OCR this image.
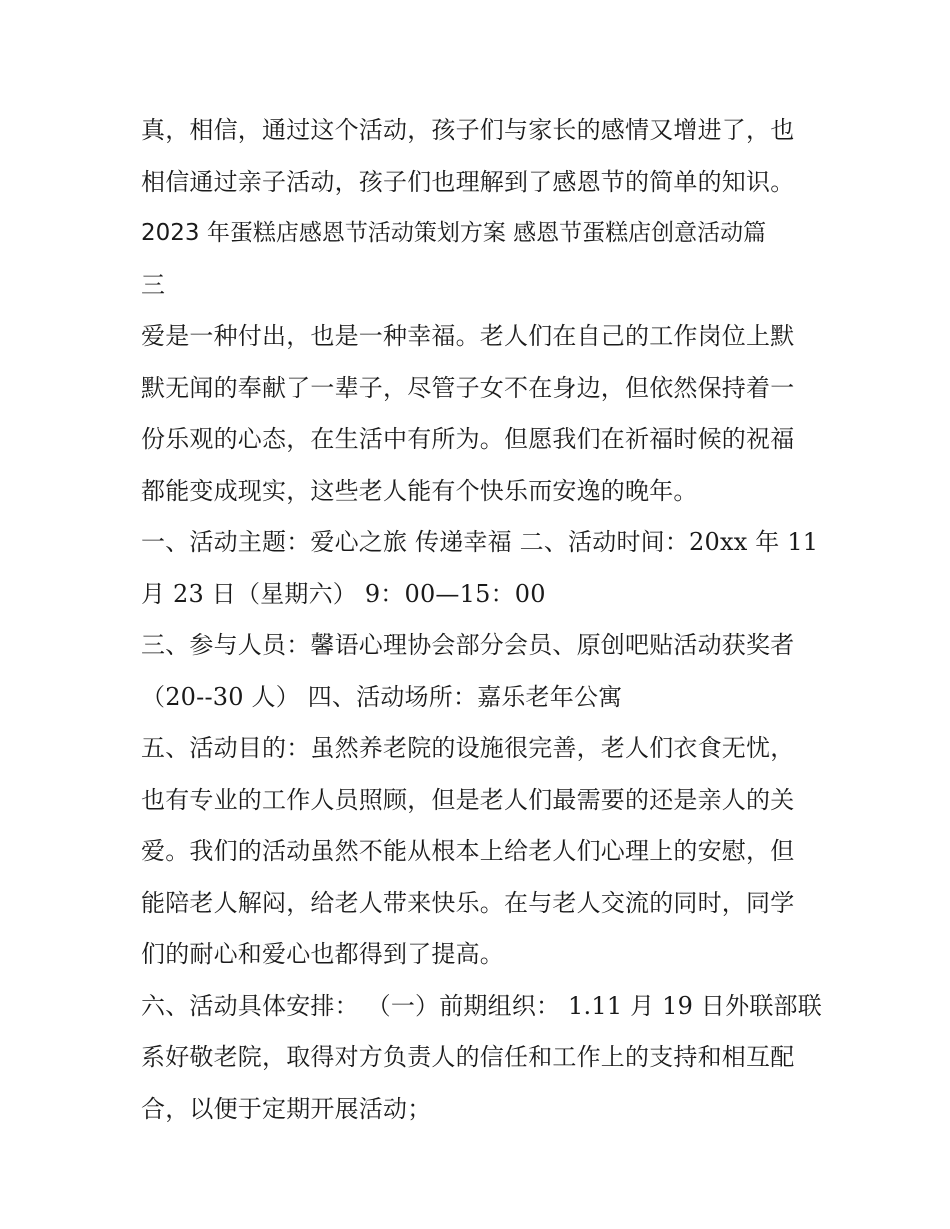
真，相信，通过这个活动，孩子们与家长的感情又增进了，也
相信通过亲子活动，孩子们也理解到了感恩节的简单的知识。
2023 年蛋糕店感恩节活动策划方案 感恩节蛋糕店创意活动篇
三
爱是一种付出，也是一种幸福。老人们在自己的工作岗位上默
默无闻的奉献了一辈子，尽管子女不在身边，但依然保持着一
份乐观的心态，在生活中有所为。但愿我们在祈福时候的祝福
都能变成现实，这些老人能有个快乐而安逸的晚年。
一、活动主题：爱心之旅 传递幸福 二、活动时间：20xx 年 11
月 23 日（星期六） 9：00—15：00
三、参与人员：馨语心理协会部分会员、原创吧贴活动获奖者
（20--30 人） 四、活动场所：嘉乐老年公寓
五、活动目的：虽然养老院的设施很完善，老人们衣食无忧，
也有专业的工作人员照顾，但是老人们最需要的还是亲人的关
爱。我们的活动虽然不能从根本上给老人们心理上的安慰，但
能陪老人解闷，给老人带来快乐。在与老人交流的同时，同学
们的耐心和爱心也都得到了提高。
六、活动具体安排： （一）前期组织： 1.11 月 19 日外联部联
系好敬老院，取得对方负责人的信任和工作上的支持和相互配
合，以便于定期开展活动；
